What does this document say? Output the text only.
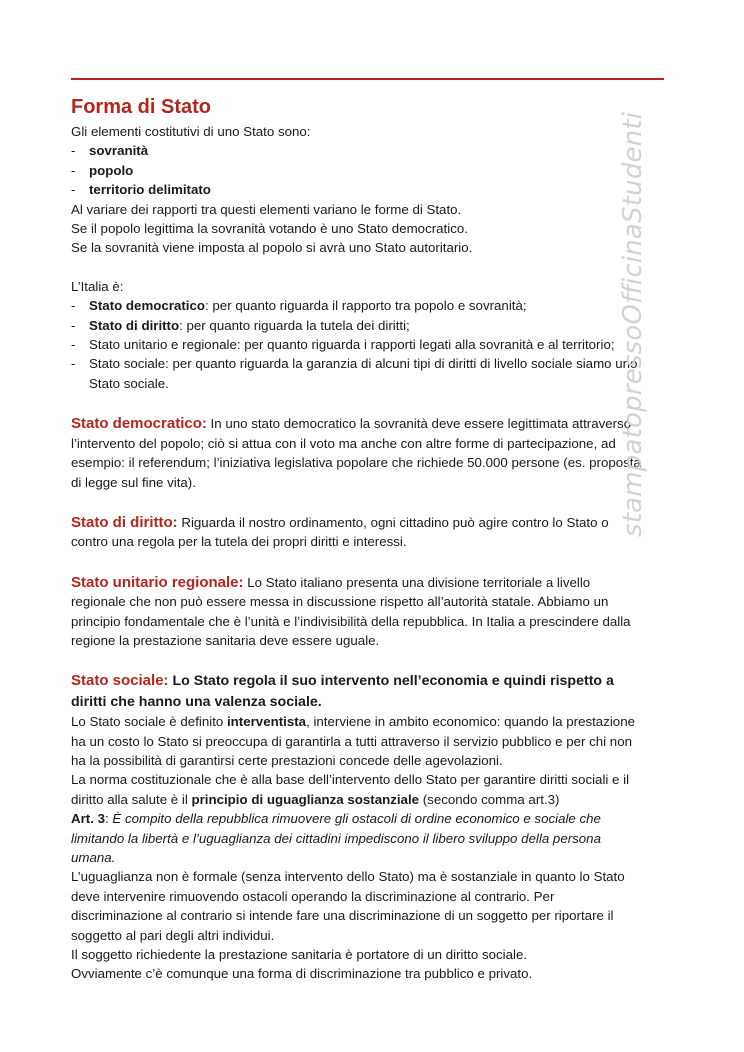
Forma di Stato

Gli elementi costitutivi di uno Stato sono:

- sovranità
- popolo
- territorio delimitato

Al variare dei rapporti tra questi elementi variano le forme di Stato.

Se il popolo legittima la sovranità votando è uno Stato democratico.

Se la sovranità viene imposta al popolo si avrà uno Stato autoritario.

L’Italia è:

- Stato democratico: per quanto riguarda il rapporto tra popolo e sovranità;
- Stato di diritto: per quanto riguarda la tutela dei diritti;
- Stato unitario e regionale: per quanto riguarda i rapporti legati alla sovranità e al territorio;
- Stato sociale: per quanto riguarda la garanzia di alcuni tipi di diritti di livello sociale siamo uno Stato sociale.

Stato democratico: In uno stato democratico la sovranità deve essere legittimata attraverso l’intervento del popolo; ciò si attua con il voto ma anche con altre forme di partecipazione, ad esempio: il referendum; l’iniziativa legislativa popolare che richiede 50.000 persone (es. proposta di legge sul fine vita).

Stato di diritto: Riguarda il nostro ordinamento, ogni cittadino può agire contro lo Stato o contro una regola per la tutela dei propri diritti e interessi.

Stato unitario regionale: Lo Stato italiano presenta una divisione territoriale a livello regionale che non può essere messa in discussione rispetto all’autorità statale. Abbiamo un principio fondamentale che è l’unità e l’indivisibilità della repubblica. In Italia a prescindere dalla regione la prestazione sanitaria deve essere uguale.

Stato sociale: Lo Stato regola il suo intervento nell’economia e quindi rispetto a diritti che hanno una valenza sociale.

Lo Stato sociale è definito interventista, interviene in ambito economico: quando la prestazione ha un costo lo Stato si preoccupa di garantirla a tutti attraverso il servizio pubblico e per chi non ha la possibilità di garantirsi certe prestazioni concede delle agevolazioni.

La norma costituzionale che è alla base dell’intervento dello Stato per garantire diritti sociali e il diritto alla salute è il principio di uguaglianza sostanziale (secondo comma art.3)

Art. 3: È compito della repubblica rimuovere gli ostacoli di ordine economico e sociale che limitando la libertà e l’uguaglianza dei cittadini impediscono il libero sviluppo della persona umana.

L’uguaglianza non è formale (senza intervento dello Stato) ma è sostanziale in quanto lo Stato deve intervenire rimuovendo ostacoli operando la discriminazione al contrario. Per discriminazione al contrario si intende fare una discriminazione di un soggetto per riportare il soggetto al pari degli altri individui.

Il soggetto richiedente la prestazione sanitaria è portatore di un diritto sociale.

Ovviamente c’è comunque una forma di discriminazione tra pubblico e privato.

stampatopressoOfficinaStudenti
